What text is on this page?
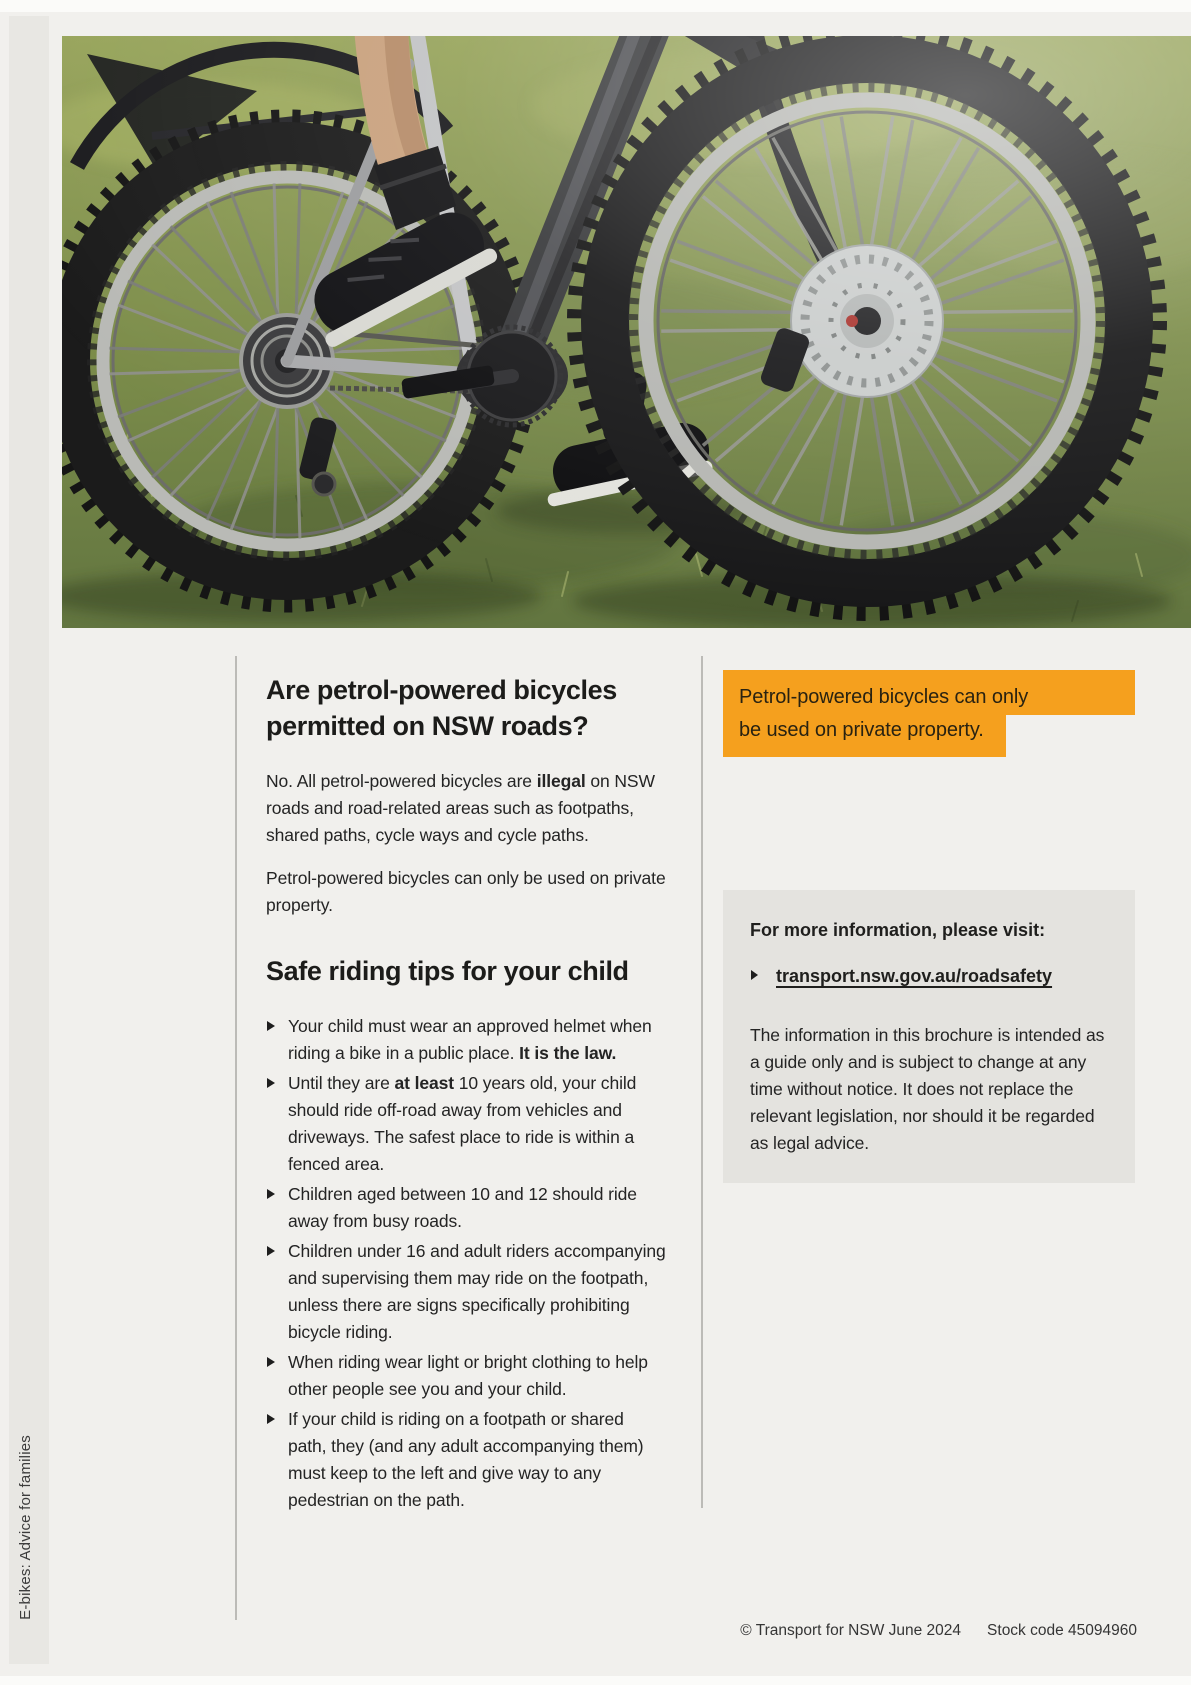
E-bikes: Advice for families
Are petrol-powered bicycles permitted on NSW roads?

No. All petrol-powered bicycles are illegal on NSW roads and road-related areas such as footpaths, shared paths, cycle ways and cycle paths.

Petrol-powered bicycles can only be used on private property.

Safe riding tips for your child
Your child must wear an approved helmet when riding a bike in a public place. It is the law.
Until they are at least 10 years old, your child should ride off-road away from vehicles and driveways. The safest place to ride is within a fenced area.
Children aged between 10 and 12 should ride away from busy roads.
Children under 16 and adult riders accompanying and supervising them may ride on the footpath, unless there are signs specifically prohibiting bicycle riding.
When riding wear light or bright clothing to help other people see you and your child.
If your child is riding on a footpath or shared path, they (and any adult accompanying them) must keep to the left and give way to any pedestrian on the path.
Petrol-powered bicycles can only
be used on private property.

For more information, please visit:

transport.nsw.gov.au/roadsafety

The information in this brochure is intended as a guide only and is subject to change at any time without notice. It does not replace the relevant legislation, nor should it be regarded as legal advice.

© Transport for NSW June 2024 Stock code 45094960
